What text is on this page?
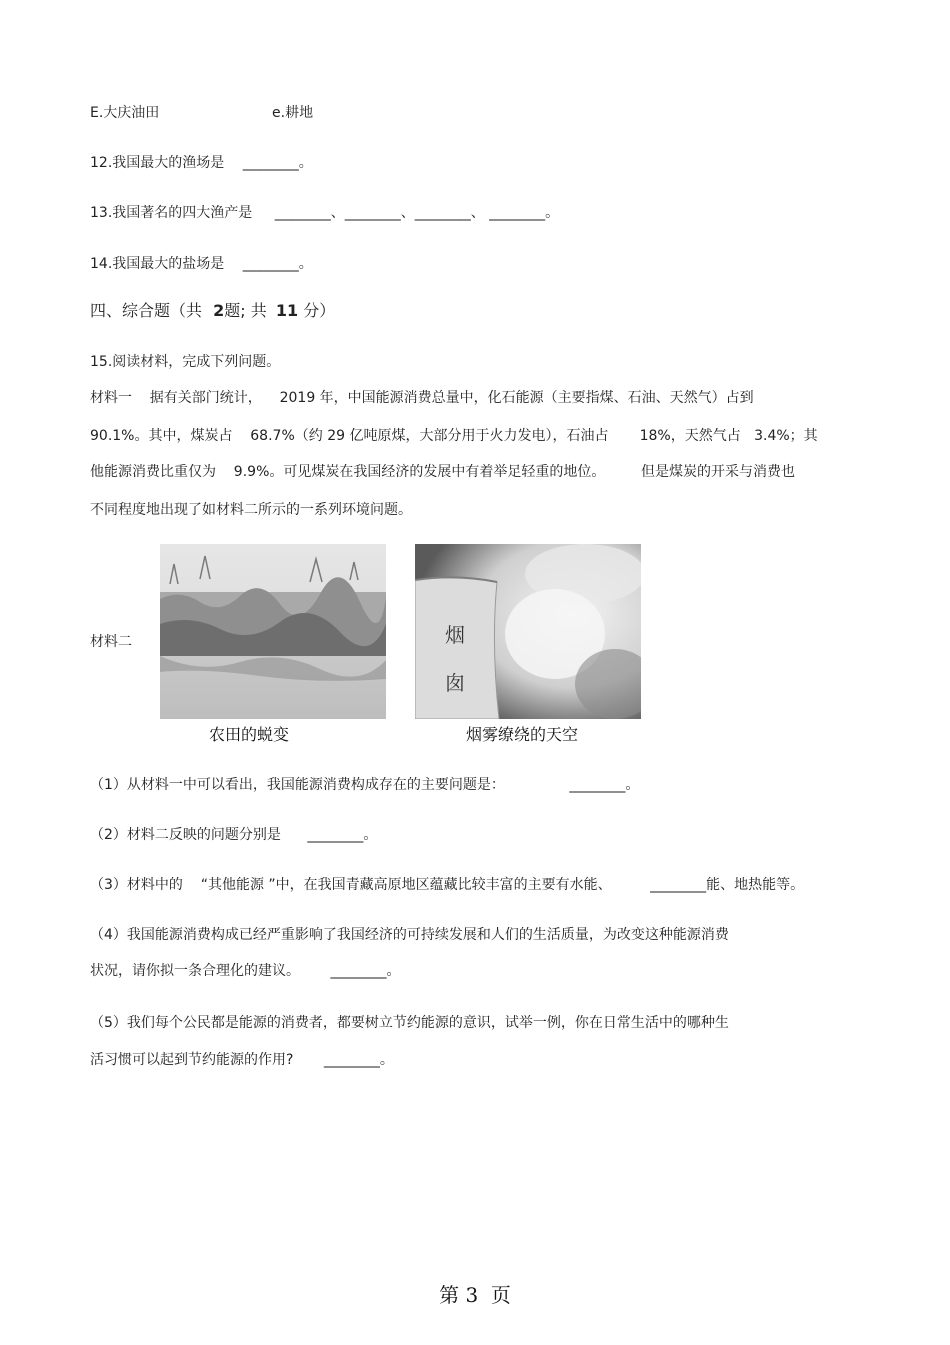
E.大庆油田	e.耕地
12.我国最大的渔场是 ________。
13.我国著名的四大渔产是 ________、________、________、 ________。
14.我国最大的盐场是 ________。
四、综合题（共 2题; 共 11 分）
15.阅读材料，完成下列问题。
材料一    据有关部门统计，    2019 年，中国能源消费总量中，化石能源（主要指煤、石油、天然气）占到
90.1%。其中，煤炭占    68.7%（约 29 亿吨原煤，大部分用于火力发电），石油占       18%，天然气占   3.4%；其
他能源消费比重仅为    9.9%。可见煤炭在我国经济的发展中有着举足轻重的地位。        但是煤炭的开采与消费也
不同程度地出现了如材料二所示的一系列环境问题。
材料二	烟
囱
农田的蜕变	烟雾缭绕的天空
（1）从材料一中可以看出，我国能源消费构成存在的主要问题是：	________。
（2）材料二反映的问题分别是 ________。
（3）材料中的    “其他能源 ”中，在我国青藏高原地区蕴藏比较丰富的主要有水能、	________能、地热能等。
（4）我国能源消费构成已经严重影响了我国经济的可持续发展和人们的生活质量，为改变这种能源消费
状况，请你拟一条合理化的建议。 ________。
（5）我们每个公民都是能源的消费者，都要树立节约能源的意识，试举一例，你在日常生活中的哪种生
活习惯可以起到节约能源的作用? ________。
第 3  页
